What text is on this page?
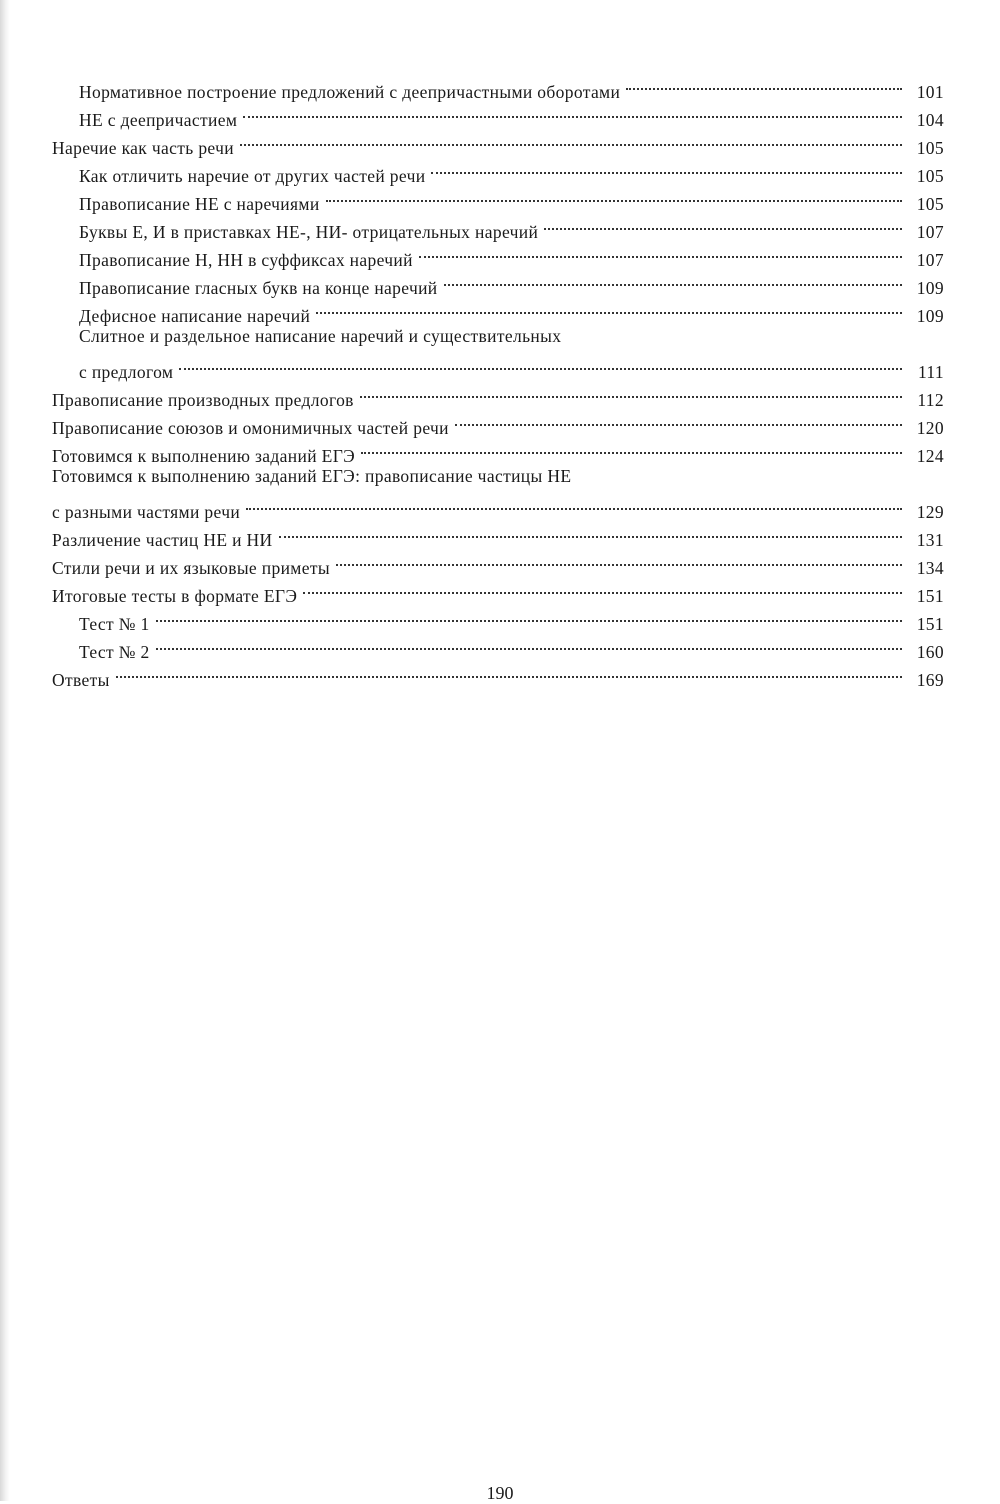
Нормативное построение предложений с деепричастными оборотами	101
НЕ с деепричастием	104
Наречие как часть речи	105
Как отличить наречие от других частей речи	105
Правописание НЕ с наречиями	105
Буквы Е, И в приставках НЕ-, НИ- отрицательных наречий	107
Правописание Н, НН в суффиксах наречий	107
Правописание гласных букв на конце наречий	109
Дефисное написание наречий	109
Слитное и раздельное написание наречий и существительных
с предлогом	111
Правописание производных предлогов	112
Правописание союзов и омонимичных частей речи	120
Готовимся к выполнению заданий ЕГЭ	124
Готовимся к выполнению заданий ЕГЭ: правописание частицы НЕ
с разными частями речи	129
Различение частиц НЕ и НИ	131
Стили речи и их языковые приметы	134
Итоговые тесты в формате ЕГЭ	151
Тест № 1	151
Тест № 2	160
Ответы	169
190
